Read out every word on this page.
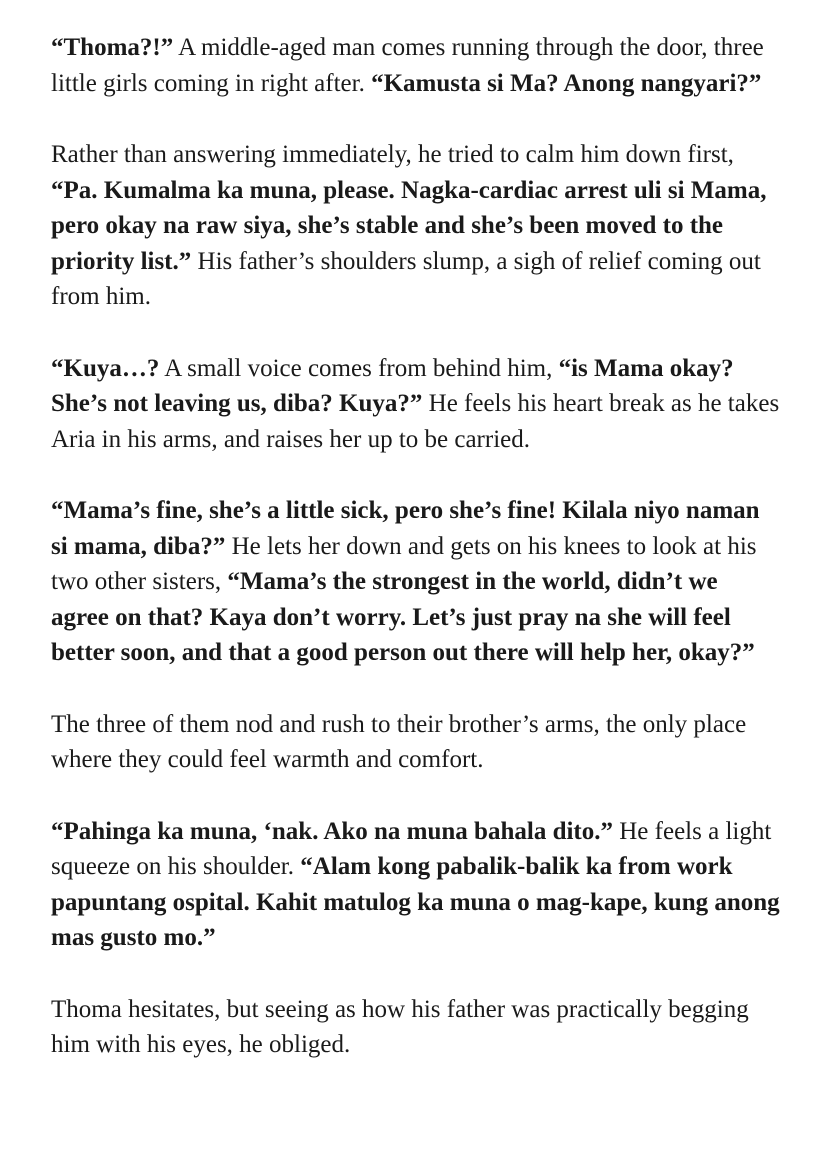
“Thoma?!” A middle-aged man comes running through the door, three little girls coming in right after. “Kamusta si Ma? Anong nangyari?”

Rather than answering immediately, he tried to calm him down first, “Pa. Kumalma ka muna, please. Nagka-cardiac arrest uli si Mama, pero okay na raw siya, she’s stable and she’s been moved to the priority list.” His father’s shoulders slump, a sigh of relief coming out from him.

“Kuya…? A small voice comes from behind him, “is Mama okay? She’s not leaving us, diba? Kuya?” He feels his heart break as he takes Aria in his arms, and raises her up to be carried.

“Mama’s fine, she’s a little sick, pero she’s fine! Kilala niyo naman si mama, diba?” He lets her down and gets on his knees to look at his two other sisters, “Mama’s the strongest in the world, didn’t we agree on that? Kaya don’t worry. Let’s just pray na she will feel better soon, and that a good person out there will help her, okay?”

The three of them nod and rush to their brother’s arms, the only place where they could feel warmth and comfort.

“Pahinga ka muna, ‘nak. Ako na muna bahala dito.” He feels a light squeeze on his shoulder. “Alam kong pabalik-balik ka from work papuntang ospital. Kahit matulog ka muna o mag-kape, kung anong mas gusto mo.”

Thoma hesitates, but seeing as how his father was practically begging him with his eyes, he obliged.
